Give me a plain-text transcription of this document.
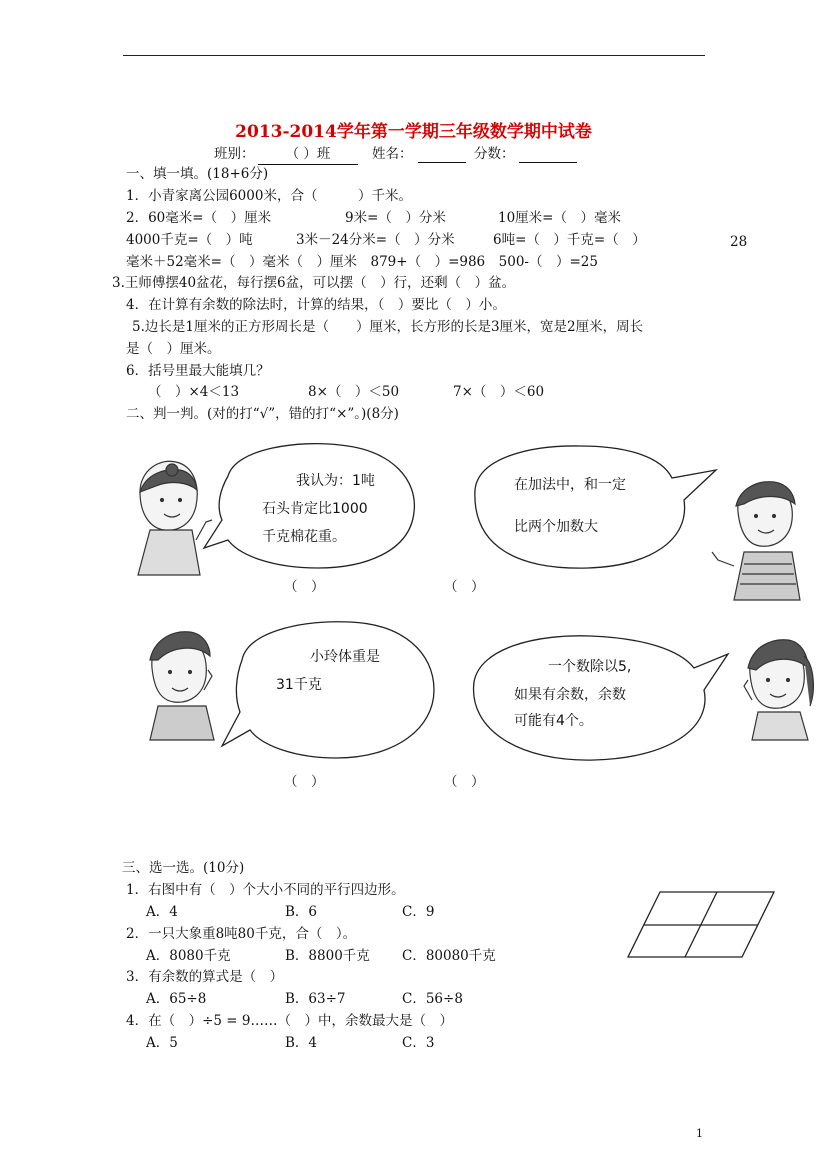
2013-2014学年第一学期三年级数学期中试卷
班别：	（ ）班	姓名：	分数：
一、填一填。(18+6分)
1．小青家离公园6000米，合（　　　）千米。
2．60毫米=（　）厘米	9米=（　）分米	10厘米=（　）毫米
4000千克=（　）吨	3米－24分米=（　）分米	6吨=（　）千克=（　）	28
毫米＋52毫米=（　）毫米（　）厘米　879+（　）=986　500-（　）=25
3.王师傅摆40盆花，每行摆6盆，可以摆（　）行，还剩（　）盆。
4．在计算有余数的除法时，计算的结果，（　）要比（　）小。
5.边长是1厘米的正方形周长是（　　）厘米，长方形的长是3厘米，宽是2厘米，周长
是（　）厘米。
6．括号里最大能填几？
（　）×4＜13	8×（　）＜50	7×（　）＜60
二、判一判。(对的打“√”，错的打“×”。)(8分)
我认为：1吨
石头肯定比1000
千克棉花重。
在加法中，和一定
比两个加数大
小玲体重是
31千克
一个数除以5,
如果有余数，余数
可能有4个。
（　）	（　）
（　）	（　）
三、选一选。(10分)
1．右图中有（　）个大小不同的平行四边形。
A．4	B．6	C．9
2．一只大象重8吨80千克，合（　）。
A．8080千克	B．8800千克 C．80080千克
3．有余数的算式是（　）
A．65÷8	B．63÷7	C．56÷8
4．在（　）÷5 = 9……（　）中，余数最大是（　）
A．5	B．4	C．3
1
